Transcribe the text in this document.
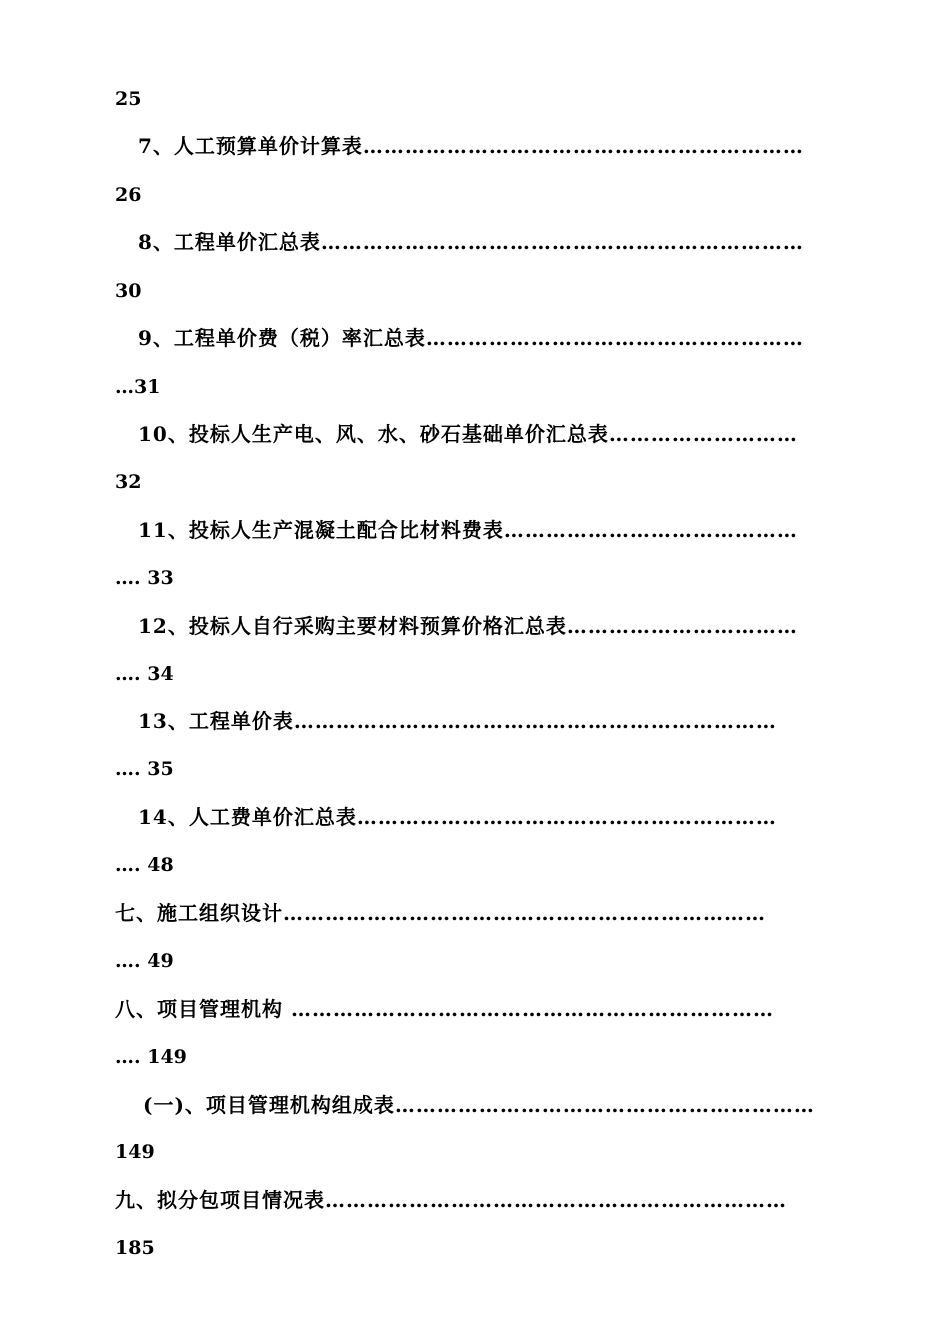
25
7、人工预算单价计算表………………………………………………………
26
8、工程单价汇总表……………………………………………………………
30
9、工程单价费（税）率汇总表………………………………………………
…31
10、投标人生产电、风、水、砂石基础单价汇总表………………………
32
11、投标人生产混凝土配合比材料费表……………………………………
…. 33
12、投标人自行采购主要材料预算价格汇总表……………………………
…. 34
13、工程单价表……………………………………………………………
…. 35
14、人工费单价汇总表……………………………………………………
…. 48
七、施工组织设计……………………………………………………………
…. 49
八、项目管理机构 ……………………………………………………………
…. 149
(一)、项目管理机构组成表……………………………………………………
149
九、拟分包项目情况表…………………………………………………………
185
